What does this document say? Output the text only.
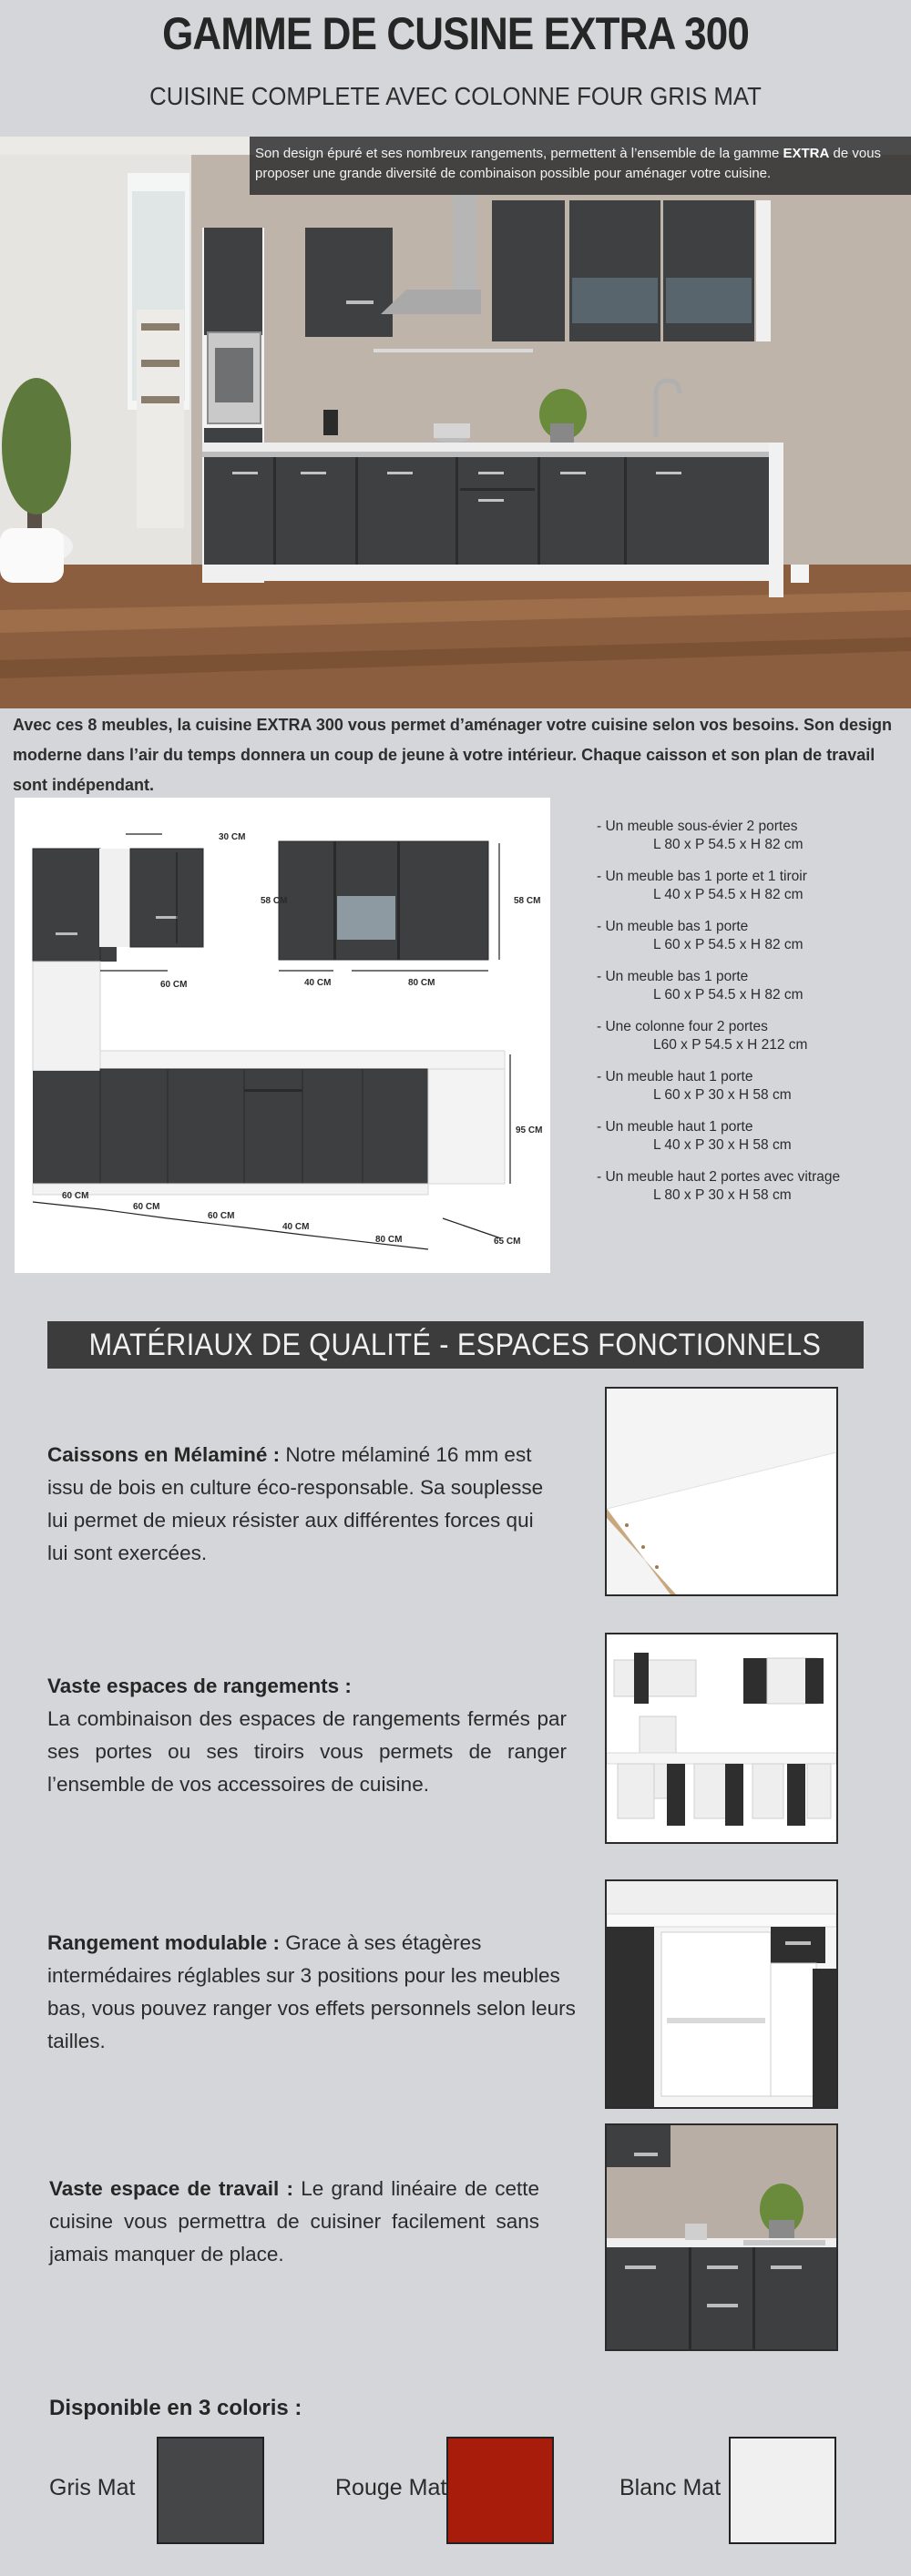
GAMME DE CUSINE EXTRA 300
CUISINE COMPLETE AVEC COLONNE FOUR GRIS MAT
Son design épuré et ses nombreux rangements, permettent à l’ensemble de la gamme EXTRA de vous proposer une grande diversité de combinaison possible pour aménager votre cuisine.
Avec ces 8 meubles, la cuisine EXTRA 300 vous permet d’aménager votre cuisine selon vos besoins. Son design moderne dans l’air du temps donnera un coup de jeune à votre intérieur. Chaque caisson et son plan de travail sont indépendant.
30 CM
58 CM
60 CM
58 CM
40 CM	80 CM
95 CM
60 CM
60 CM
60 CM
40 CM
80 CM	65 CM
- Un meuble sous-évier 2 portes
L 80 x P 54.5 x H 82 cm
- Un meuble bas 1 porte et 1 tiroir
L 40 x P 54.5 x H 82 cm
- Un meuble bas 1 porte
L 60 x P 54.5 x H 82 cm
- Un meuble bas 1 porte
L 60 x P 54.5 x H 82 cm
- Une colonne four 2 portes
L60 x P 54.5 x H 212 cm
- Un meuble haut 1 porte
L 60 x P 30 x H 58 cm
- Un meuble haut 1 porte
L 40 x P 30 x H 58 cm
- Un meuble haut 2 portes avec vitrage
L 80 x P 30 x H 58 cm
MATÉRIAUX DE QUALITÉ - ESPACES FONCTIONNELS
Caissons en Mélaminé : Notre mélaminé 16 mm est issu de bois en culture éco-responsable. Sa souplesse lui permet de mieux résister aux différentes forces qui lui sont exercées.
Vaste espaces de rangements :
La combinaison des espaces de rangements fermés par ses portes ou ses tiroirs vous permets de ranger l’ensemble de vos accessoires de cuisine.
Rangement modulable : Grace à ses étagères intermédaires réglables sur 3 positions pour les meubles bas, vous pouvez ranger vos effets personnels selon leurs tailles.
Vaste espace de travail : Le grand linéaire de cette cuisine vous permettra de cuisiner facilement sans jamais manquer de place.
Disponible en 3 coloris :
Gris Mat	Rouge Mat	Blanc Mat
